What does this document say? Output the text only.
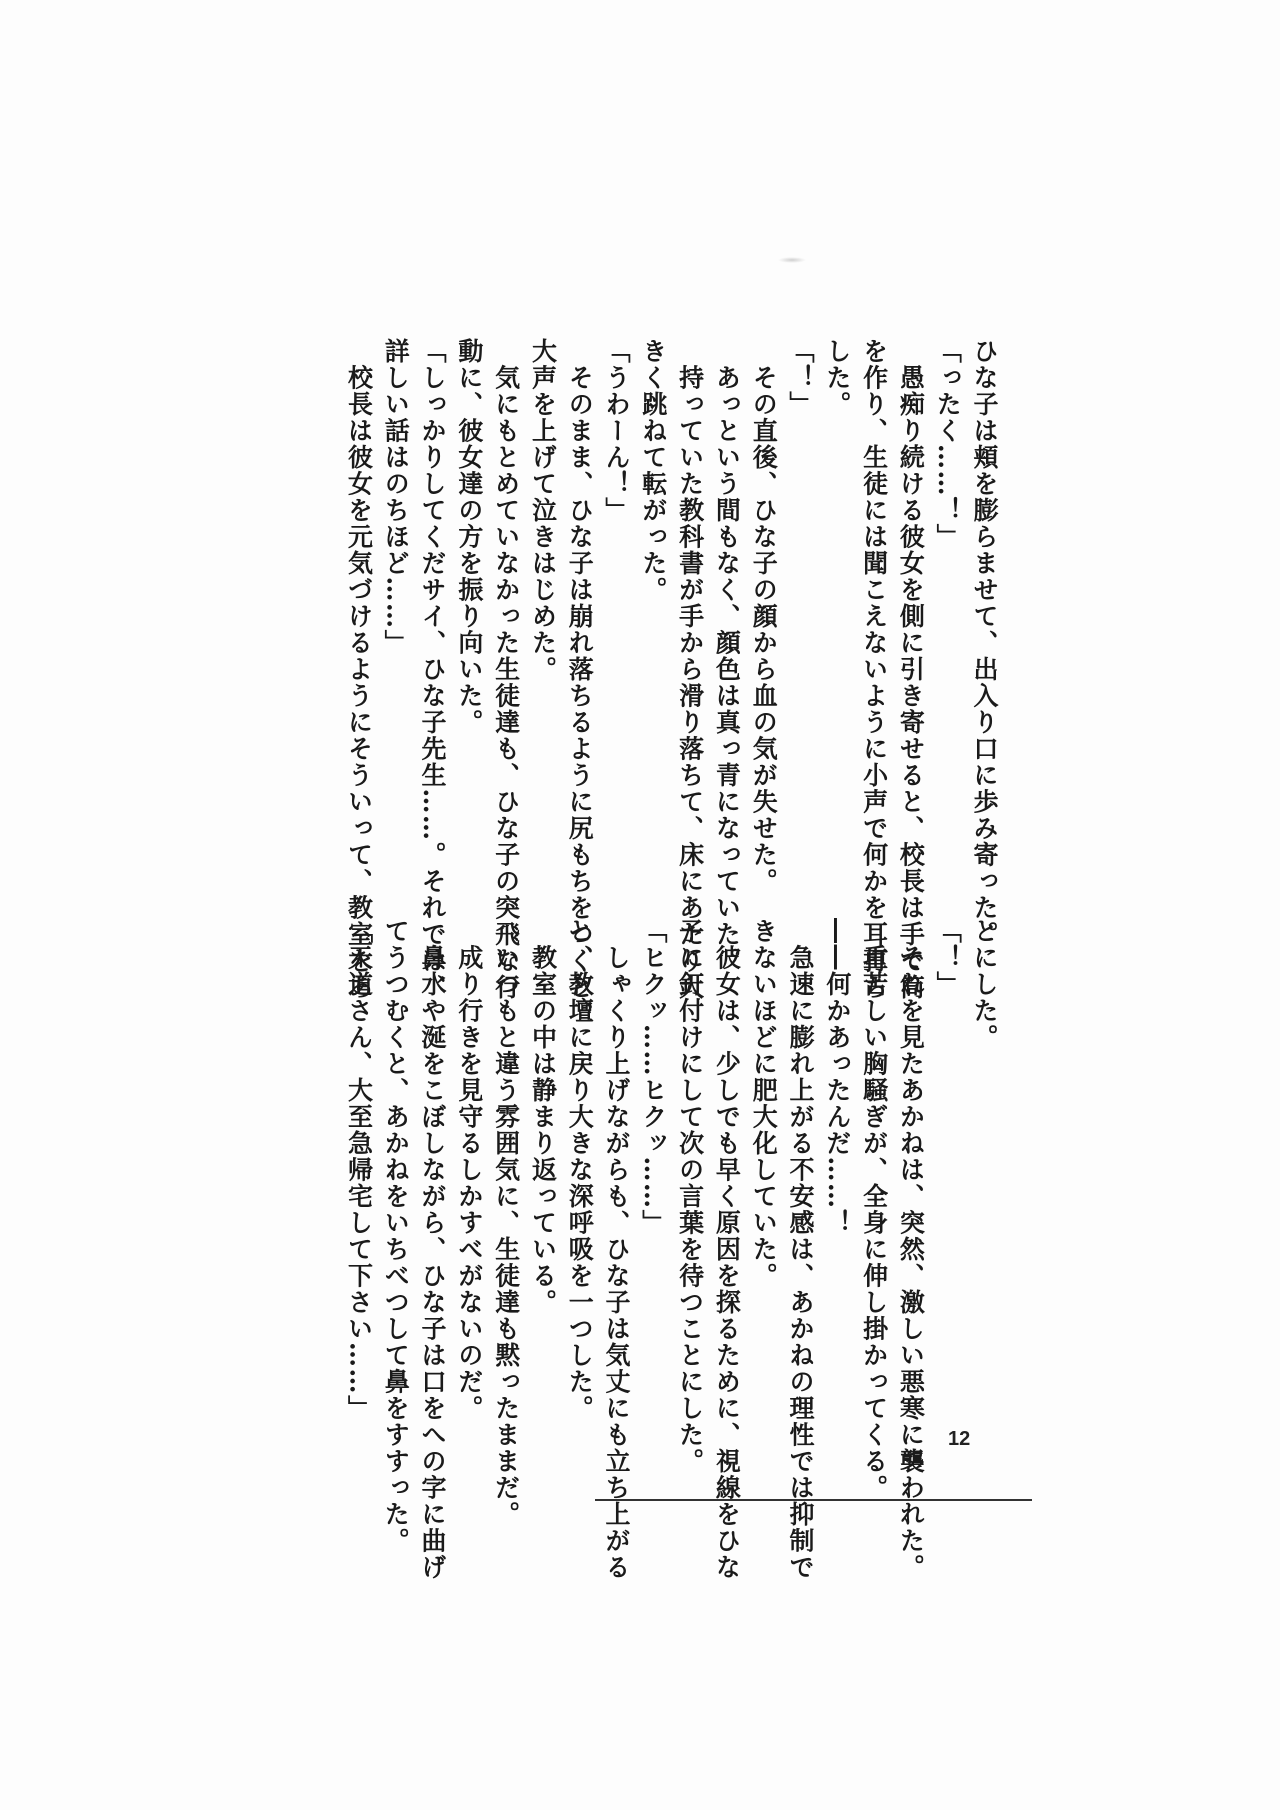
ひな子は頬を膨らませて、出入り口に歩み寄った。
「ったく……！」
　愚痴り続ける彼女を側に引き寄せると、校長は手で筒
を作り、生徒には聞こえないように小声で何かを耳打ち
した。
「！」
　その直後、ひな子の顔から血の気が失せた。
　あっという間もなく、顔色は真っ青になっていた。
　持っていた教科書が手から滑り落ちて、床にあたり大
きく跳ねて転がった。
「うわーん！」
　そのまま、ひな子は崩れ落ちるように尻もちをつくと、
大声を上げて泣きはじめた。
　気にもとめていなかった生徒達も、ひな子の突飛な行
動に、彼女達の方を振り向いた。
「しっかりしてくだサイ、ひな子先生……。それでは、
詳しい話はのちほど……」
　校長は彼女を元気づけるようにそういって、教室をあ	とにした。
「！」
　それを見たあかねは、突然、激しい悪寒に襲われた。
　重苦しい胸騒ぎが、全身に伸し掛かってくる。
――何かあったんだ……！
　急速に膨れ上がる不安感は、あかねの理性では抑制で
きないほどに肥大化していた。
　彼女は、少しでも早く原因を探るために、視線をひな
子に釘付けにして次の言葉を待つことにした。
「ヒクッ……ヒクッ……」
　しゃくり上げながらも、ひな子は気丈にも立ち上がる
と、教壇に戻り大きな深呼吸を一つした。
　教室の中は静まり返っている。
　いつもと違う雰囲気に、生徒達も黙ったままだ。
　成り行きを見守るしかすべがないのだ。
　鼻水や涎をこぼしながら、ひな子は口をへの字に曲げ
てうつむくと、あかねをいちべつして鼻をすすった。
「天道さん、大至急帰宅して下さい……」
12
